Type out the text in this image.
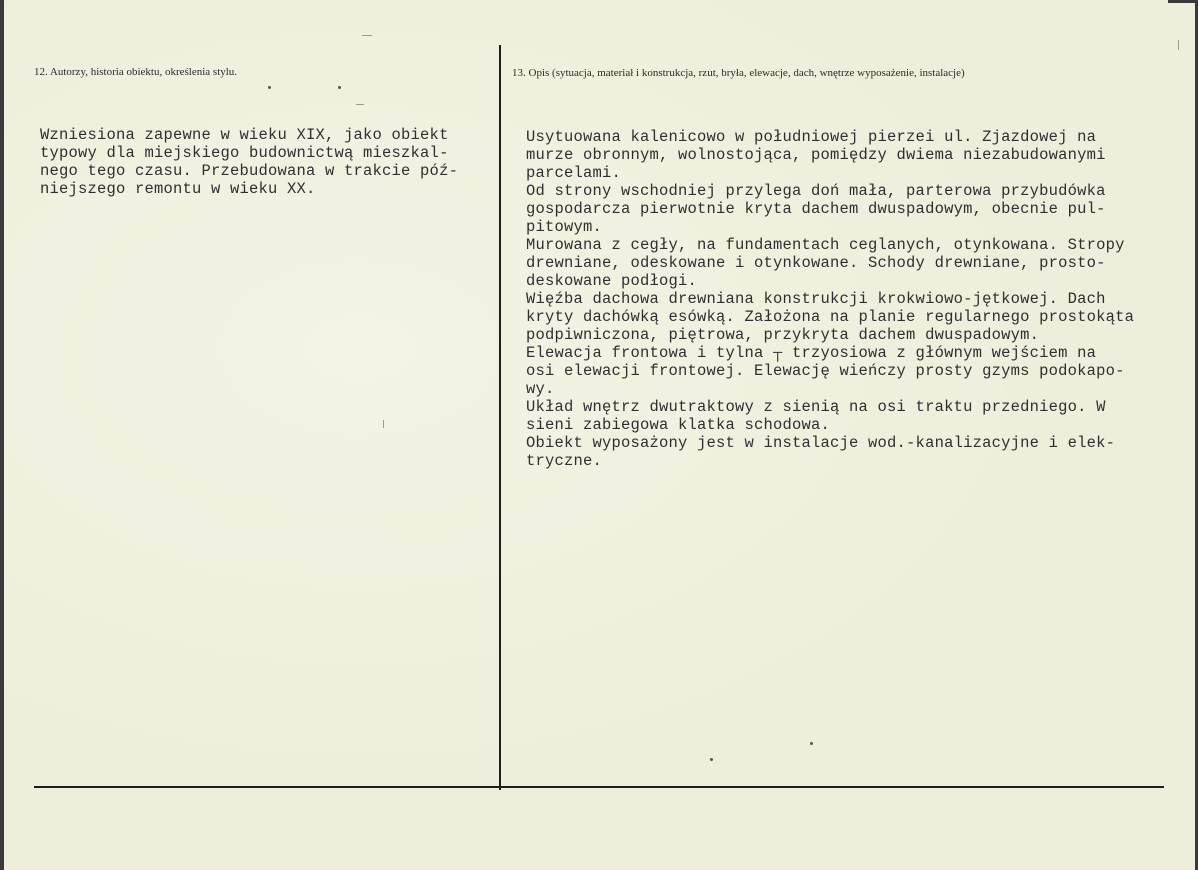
12. Autorzy, historia obiektu, określenia stylu.	13. Opis (sytuacja, materiał i konstrukcja, rzut, bryła, elewacje, dach, wnętrze wyposażenie, instalacje)
Wzniesiona zapewne w wieku XIX, jako obiekt
typowy dla miejskiego budownictwą mieszkal-
nego tego czasu. Przebudowana w trakcie póź-
niejszego remontu w wieku XX.
Usytuowana kalenicowo w południowej pierzei ul. Zjazdowej na
murze obronnym, wolnostojąca, pomiędzy dwiema niezabudowanymi
parcelami.
Od strony wschodniej przylega doń mała, parterowa przybudówka
gospodarcza pierwotnie kryta dachem dwuspadowym, obecnie pul-
pitowym.
Murowana z cegły, na fundamentach ceglanych, otynkowana. Stropy
drewniane, odeskowane i otynkowane. Schody drewniane, prosto-
deskowane podłogi.
Więźba dachowa drewniana konstrukcji krokwiowo-jętkowej. Dach
kryty dachówką esówką. Założona na planie regularnego prostokąta
podpiwniczona, piętrowa, przykryta dachem dwuspadowym.
Elewacja frontowa i tylna ┬ trzyosiowa z głównym wejściem na
osi elewacji frontowej. Elewację wieńczy prosty gzyms podokapo-
wy.
Układ wnętrz dwutraktowy z sienią na osi traktu przedniego. W
sieni zabiegowa klatka schodowa.
Obiekt wyposażony jest w instalacje wod.-kanalizacyjne i elek-
tryczne.
